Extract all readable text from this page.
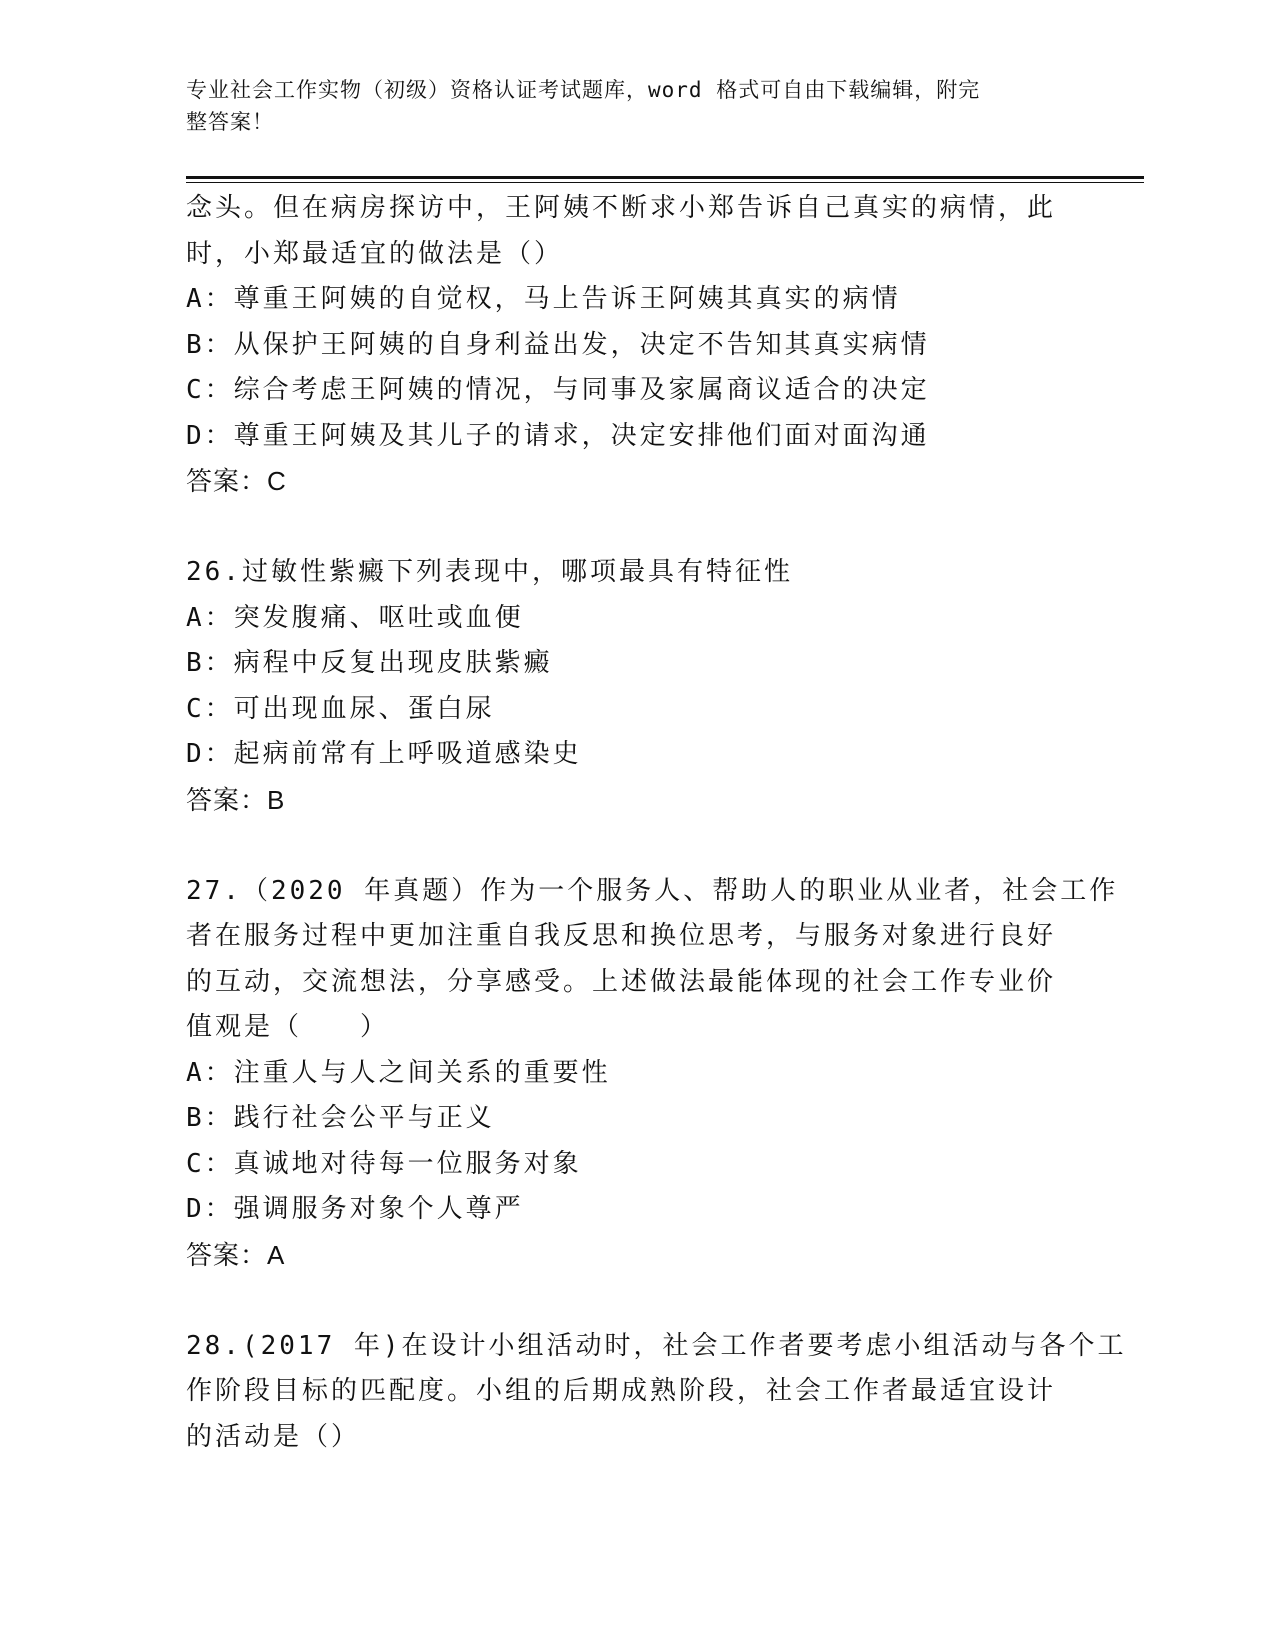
专业社会工作实物（初级）资格认证考试题库，word 格式可自由下载编辑，附完
整答案！
念头。但在病房探访中，王阿姨不断求小郑告诉自己真实的病情，此
时，小郑最适宜的做法是（）
A：尊重王阿姨的自觉权，马上告诉王阿姨其真实的病情
B：从保护王阿姨的自身利益出发，决定不告知其真实病情
C：综合考虑王阿姨的情况，与同事及家属商议适合的决定
D：尊重王阿姨及其儿子的请求，决定安排他们面对面沟通
答案：C
26.过敏性紫癜下列表现中，哪项最具有特征性
A：突发腹痛、呕吐或血便
B：病程中反复出现皮肤紫癜
C：可出现血尿、蛋白尿
D：起病前常有上呼吸道感染史
答案：B
27.（2020 年真题）作为一个服务人、帮助人的职业从业者，社会工作
者在服务过程中更加注重自我反思和换位思考，与服务对象进行良好
的互动，交流想法，分享感受。上述做法最能体现的社会工作专业价
值观是（　　）
A：注重人与人之间关系的重要性
B：践行社会公平与正义
C：真诚地对待每一位服务对象
D：强调服务对象个人尊严
答案：A
28.(2017 年)在设计小组活动时，社会工作者要考虑小组活动与各个工
作阶段目标的匹配度。小组的后期成熟阶段，社会工作者最适宜设计
的活动是（）
